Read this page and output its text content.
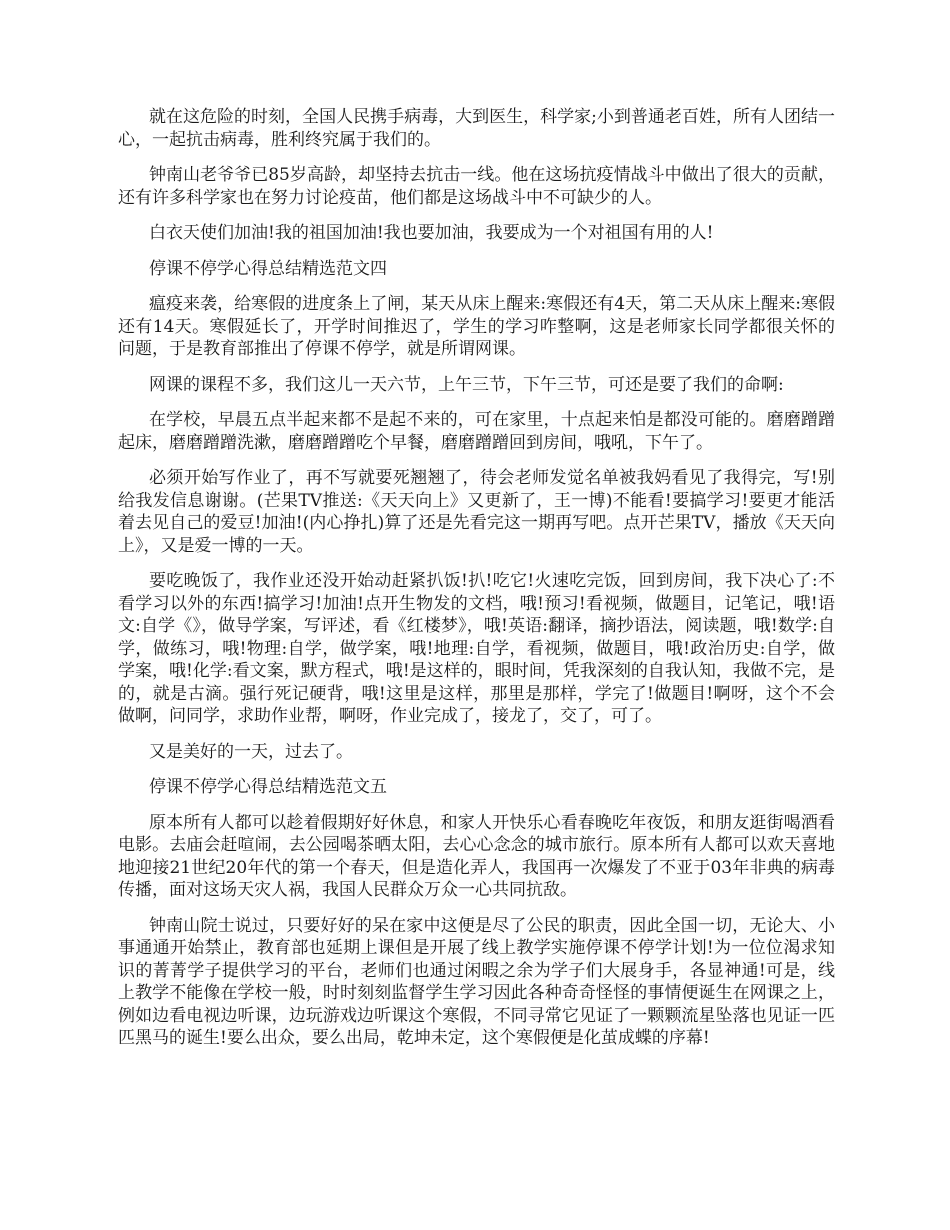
就在这危险的时刻，全国人民携手病毒，大到医生，科学家;小到普通老百姓，所有人团结一心，一起抗击病毒，胜利终究属于我们的。

钟南山老爷爷已85岁高龄，却坚持去抗击一线。他在这场抗疫情战斗中做出了很大的贡献，还有许多科学家也在努力讨论疫苗，他们都是这场战斗中不可缺少的人。

白衣天使们加油!我的祖国加油!我也要加油，我要成为一个对祖国有用的人!

停课不停学心得总结精选范文四

瘟疫来袭，给寒假的进度条上了闸，某天从床上醒来:寒假还有4天，第二天从床上醒来:寒假还有14天。寒假延长了，开学时间推迟了，学生的学习咋整啊，这是老师家长同学都很关怀的问题，于是教育部推出了停课不停学，就是所谓网课。

网课的课程不多，我们这儿一天六节，上午三节，下午三节，可还是要了我们的命啊:

在学校，早晨五点半起来都不是起不来的，可在家里，十点起来怕是都没可能的。磨磨蹭蹭起床，磨磨蹭蹭洗漱，磨磨蹭蹭吃个早餐，磨磨蹭蹭回到房间，哦吼，下午了。

必须开始写作业了，再不写就要死翘翘了，待会老师发觉名单被我妈看见了我得完，写!别给我发信息谢谢。(芒果TV推送:《天天向上》又更新了，王一博)不能看!要搞学习!要更才能活着去见自己的爱豆!加油!(内心挣扎)算了还是先看完这一期再写吧。点开芒果TV，播放《天天向上》，又是爱一博的一天。

要吃晚饭了，我作业还没开始动赶紧扒饭!扒!吃它!火速吃完饭，回到房间，我下决心了:不看学习以外的东西!搞学习!加油!点开生物发的文档，哦!预习!看视频，做题目，记笔记，哦!语文:自学《》，做导学案，写评述，看《红楼梦》，哦!英语:翻译，摘抄语法，阅读题，哦!数学:自学，做练习，哦!物理:自学，做学案，哦!地理:自学，看视频，做题目，哦!政治历史:自学，做学案，哦!化学:看文案，默方程式，哦!是这样的，眼时间，凭我深刻的自我认知，我做不完，是的，就是古滴。强行死记硬背，哦!这里是这样，那里是那样，学完了!做题目!啊呀，这个不会做啊，问同学，求助作业帮，啊呀，作业完成了，接龙了，交了，可了。

又是美好的一天，过去了。

停课不停学心得总结精选范文五

原本所有人都可以趁着假期好好休息，和家人开快乐心看春晚吃年夜饭，和朋友逛街喝酒看电影。去庙会赶喧闹，去公园喝茶晒太阳，去心心念念的城市旅行。原本所有人都可以欢天喜地地迎接21世纪20年代的第一个春天，但是造化弄人，我国再一次爆发了不亚于03年非典的病毒传播，面对这场天灾人祸，我国人民群众万众一心共同抗敌。

钟南山院士说过，只要好好的呆在家中这便是尽了公民的职责，因此全国一切，无论大、小事通通开始禁止，教育部也延期上课但是开展了线上教学实施停课不停学计划!为一位位渴求知识的菁菁学子提供学习的平台，老师们也通过闲暇之余为学子们大展身手，各显神通!可是，线上教学不能像在学校一般，时时刻刻监督学生学习因此各种奇奇怪怪的事情便诞生在网课之上，例如边看电视边听课，边玩游戏边听课这个寒假，不同寻常它见证了一颗颗流星坠落也见证一匹匹黑马的诞生!要么出众，要么出局，乾坤未定，这个寒假便是化茧成蝶的序幕!
